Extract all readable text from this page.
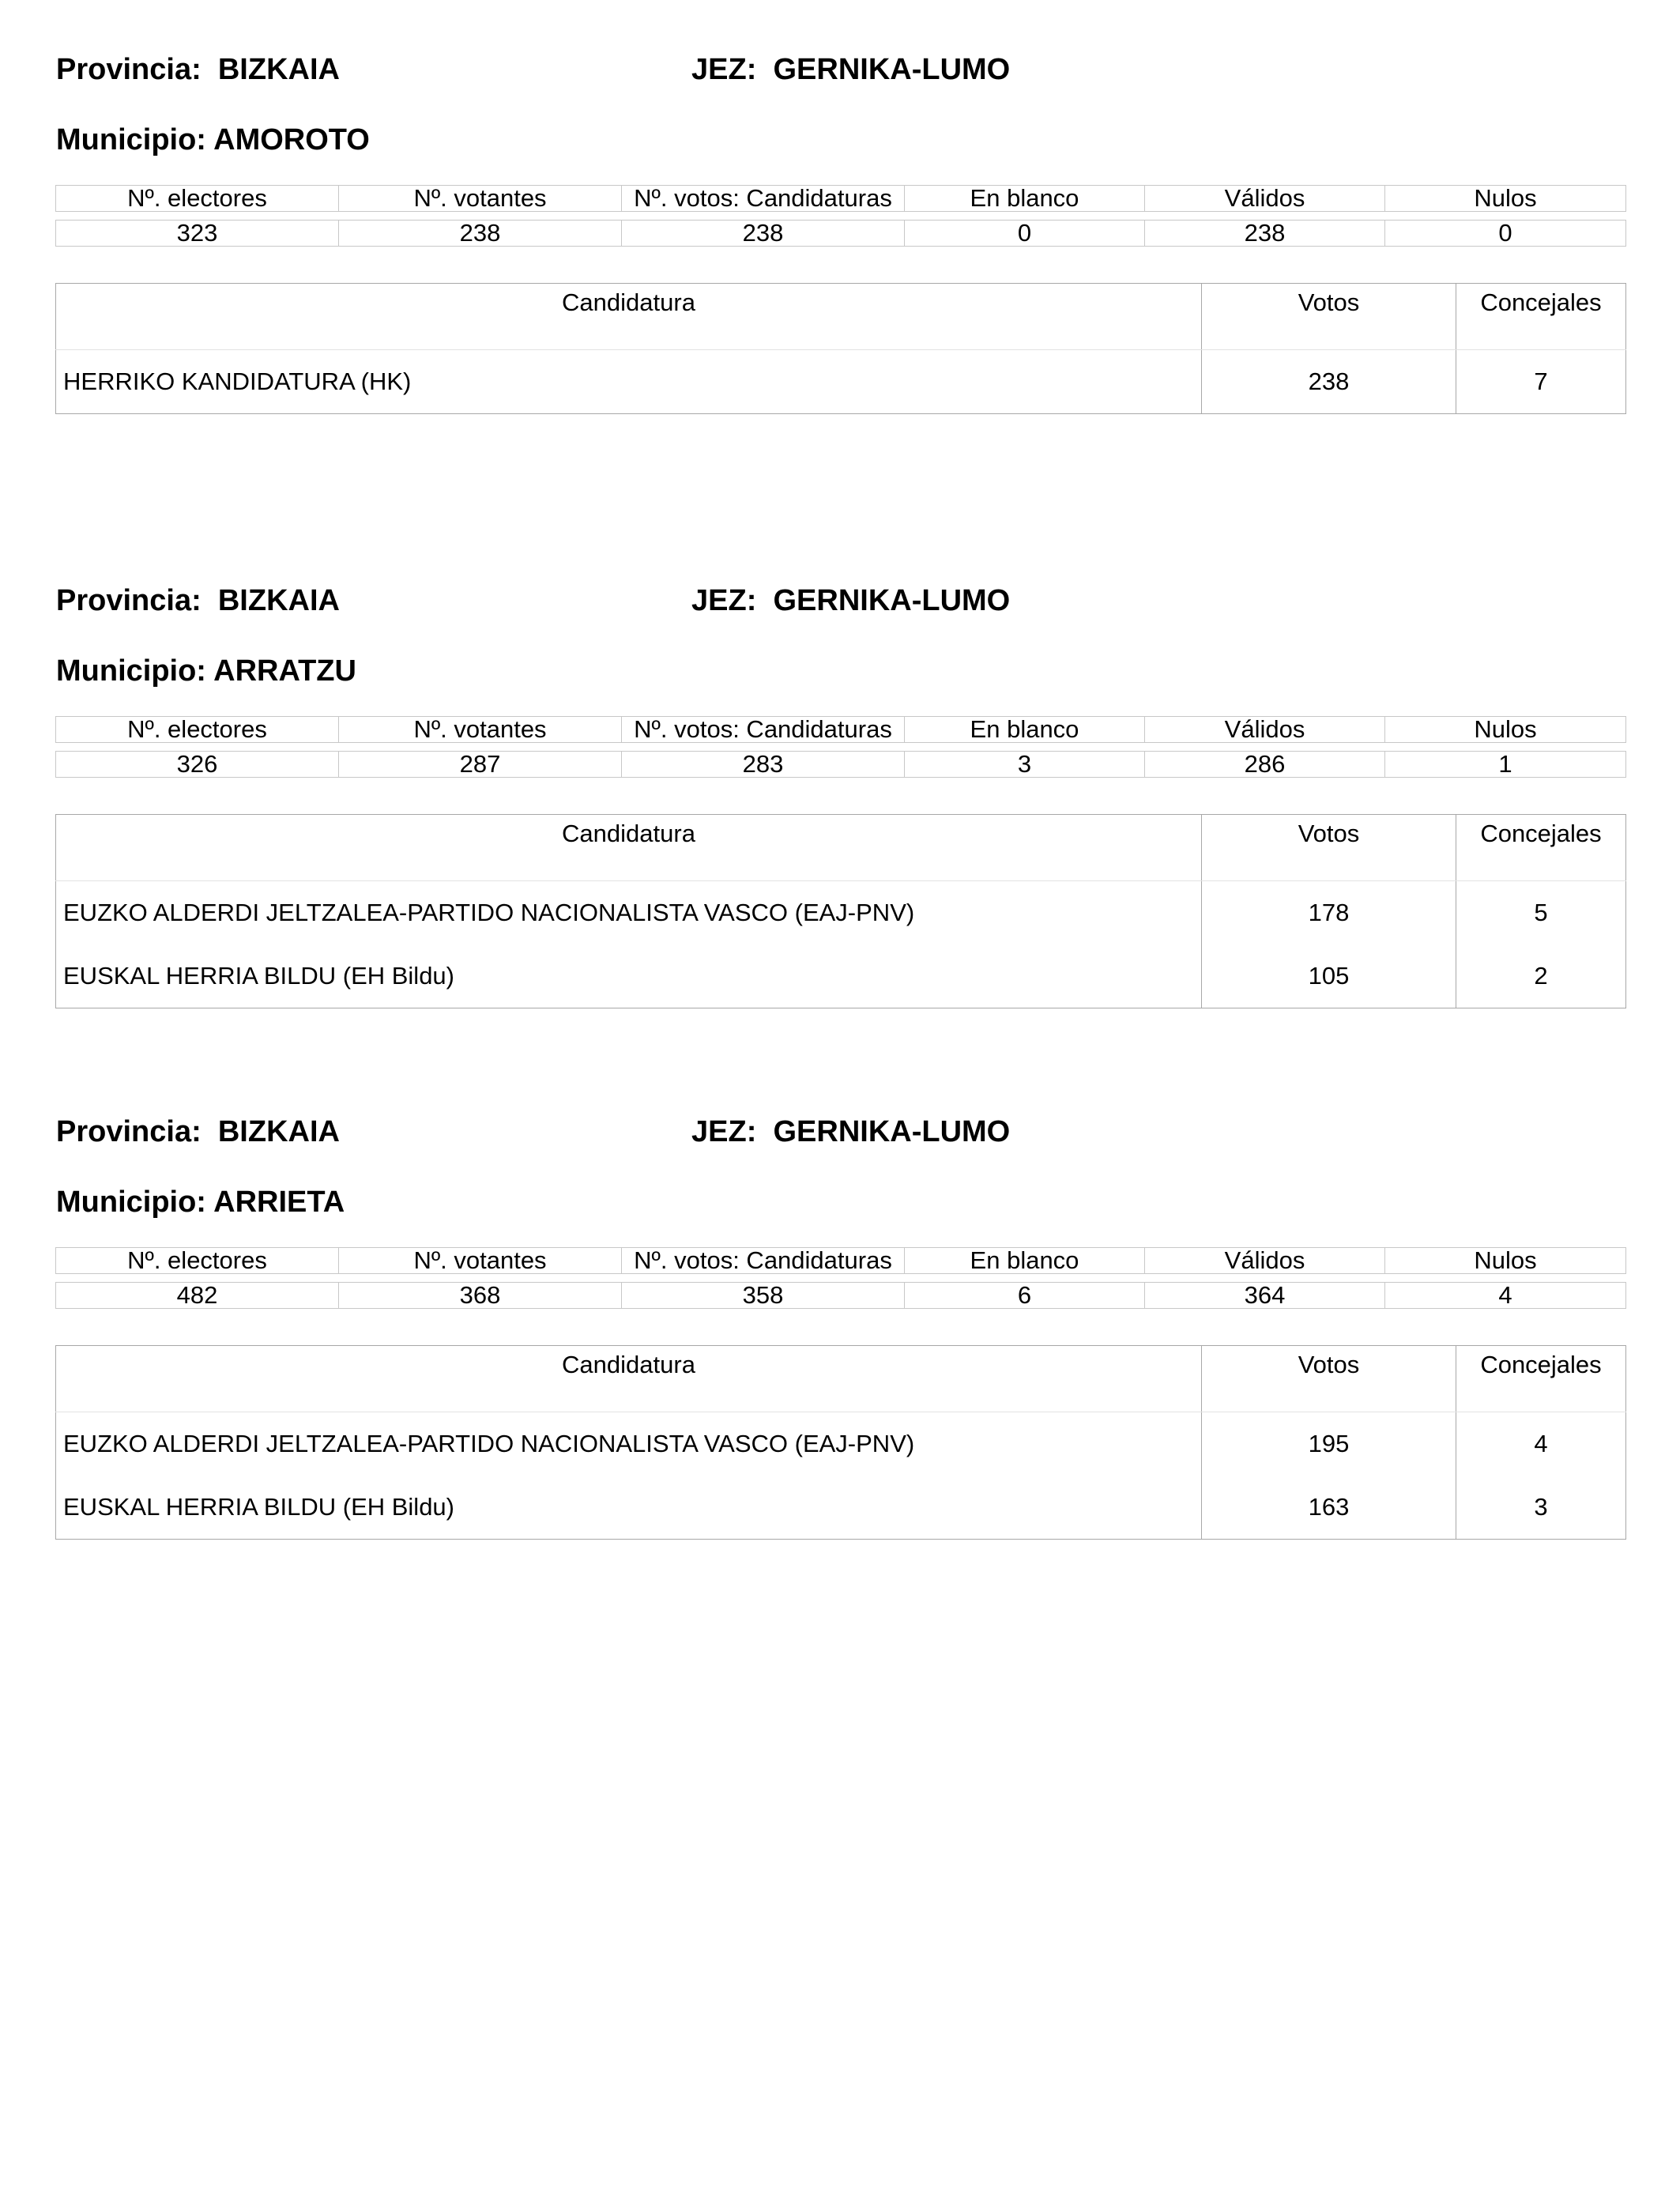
Provincia: BIZKAIA	JEZ: GERNIKA-LUMO
Municipio: AMOROTO
Nº. electores	Nº. votantes	Nº. votos: Candidaturas	En blanco	Válidos	Nulos

323	238	238	0	238	0
Candidatura	Votos	Concejales
HERRIKO KANDIDATURA (HK)	238	7
Provincia: BIZKAIA	JEZ: GERNIKA-LUMO
Municipio: ARRATZU
Nº. electores	Nº. votantes	Nº. votos: Candidaturas	En blanco	Válidos	Nulos

326	287	283	3	286	1
Candidatura	Votos	Concejales
EUZKO ALDERDI JELTZALEA-PARTIDO NACIONALISTA VASCO (EAJ-PNV)	178	5
EUSKAL HERRIA BILDU (EH Bildu)	105	2
Provincia: BIZKAIA	JEZ: GERNIKA-LUMO
Municipio: ARRIETA
Nº. electores	Nº. votantes	Nº. votos: Candidaturas	En blanco	Válidos	Nulos

482	368	358	6	364	4
Candidatura	Votos	Concejales
EUZKO ALDERDI JELTZALEA-PARTIDO NACIONALISTA VASCO (EAJ-PNV)	195	4
EUSKAL HERRIA BILDU (EH Bildu)	163	3
